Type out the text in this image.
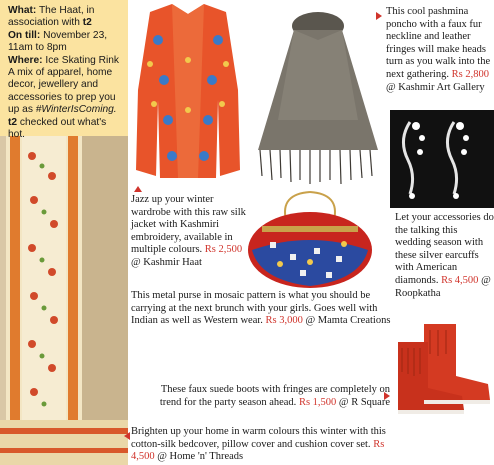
What: The Haat, in association with t2
On till: November 23, 11am to 8pm
Where: Ice Skating Rink
A mix of apparel, home decor, jewellery and accessories to prep you up as #WinterIsComing. t2 checked out what's hot.
This cool pashmina poncho with a faux fur neckline and leather fringes will make heads turn as you walk into the next gathering. Rs 2,800 @ Kashmir Art Gallery
Jazz up your winter wardrobe with this raw silk jacket with Kashmiri embroidery, available in multiple colours. Rs 2,500 @ Kashmir Haat
Let your accessories do the talking this wedding season with these silver earcuffs with American diamonds. Rs 4,500 @ Roopkatha
This metal purse in mosaic pattern is what you should be carrying at the next brunch with your girls. Goes well with Indian as well as Western wear. Rs 3,000 @ Mamta Creations
These faux suede boots with fringes are completely on trend for the party season ahead. Rs 1,500 @ R Square
Brighten up your home in warm colours this winter with this cotton-silk bedcover, pillow cover and cushion cover set. Rs 4,500 @ Home 'n' Threads
